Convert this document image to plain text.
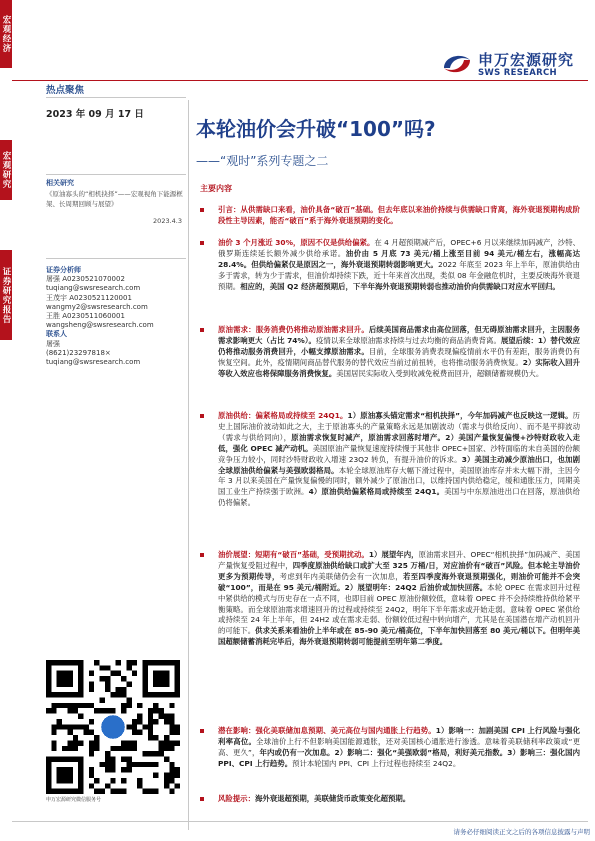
宏观经济
宏观研究
证券研究报告
申万宏源研究
SWS RESEARCH
热点聚焦
2023 年 09 月 17 日
本轮油价会升破“100”吗?
——“观时”系列专题之二
主要内容
相关研究
《原油寡头的“相机抉择”——宏观视角下能源框架、长周期回顾与展望》
2023.4.3
证券分析师
屠强 A0230521070002
tuqiang@swsresearch.com
王茂宇 A0230521120001
wangmy2@swsresearch.com
王胜 A0230511060001
wangsheng@swsresearch.com
联系人
屠强
(8621)23297818×
tuqiang@swsresearch.com
申万宏源研究微信服务号
引言：从供需缺口来看，油价具备“破百”基础。但去年底以来油价持续与供需缺口背离，海外衰退预期构成阶段性主导因素，能否“破百”系于海外衰退预期的变化。
油价 3 个月涨近 30%，原因不仅是供给偏紧。在 4 月超预期减产后，OPEC+6 月以来继续加码减产，沙特、俄罗斯连续延长额外减少供给承诺。油价由 5 月底 73 美元/桶上涨至目前 94 美元/桶左右，涨幅高达 28.4%。但供给偏紧仅是原因之一，海外衰退预期转弱影响更大。2022 年底至 2023 年上半年，原油供给由多于需求，转为少于需求，但油价却持续下跌，近十年来首次出现，类似 08 年金融危机时，主要反映海外衰退预期。相应的，美国 Q2 经济超预期后，下半年海外衰退预期转弱也推动油价向供需缺口对应水平回归。
原油需求：服务消费仍将推动原油需求回升。后续美国商品需求由高位回落，但无碍原油需求回升，主因服务需求影响更大（占比 74%）。疫情以来全球原油需求持续与过去均衡的商品消费背离。展望后续：1）替代效应仍将推动服务消费回升，小幅支撑原油需求。目前，全球服务消费表现偏疫情前水平仍有差距，服务消费仍有恢复空间。此外，疫情期间商品替代服务的替代效应当前过前扭转，也将推动服务消费恢复。2）实际收入回升等收入效应也将保障服务消费恢复。美国居民实际收入受到收减免税费而回升，超额储蓄规模仍大。
原油供给：偏紧格局或持续至 24Q1。1）原油寡头锚定需求“相机抉择”，今年加码减产也反映这一逻辑。历史上国际油价波动如此之大，主于原油寡头的产量策略永远是加剧波动（需求与供给反向）、而不是平抑波动（需求与供给同向），原油需求恢复时减产，原油需求回落时增产。2）美国产量恢复偏慢+沙特财政收入走低，强化 OPEC 减产动机。美国原油产量恢复速度持续慢于其他非 OPEC+国家、沙特面临的未自美国的份额竞争压力较小，同时沙特财政收入增速 23Q2 转负，有提升油价的诉求。3）美国主动减少原油出口，也加剧全球原油供给偏紧与美强欧弱格局。本轮全球原油库存大幅下滑过程中，美国原油库存并未大幅下滑，主因今年 3 月以来美国在产量恢复偏慢的同时，额外减少了原油出口，以维持国内供给稳定，缓和通胀压力，同期美国工业生产持续强于欧洲。4）原油供给偏紧格局或持续至 24Q1。美国与中东原油进出口在回落，原油供给仍将偏紧。
油价展望：短期有“破百”基础，受预期扰动。1）展望年内，原油需求回升、OPEC“相机抉择”加码减产、美国产量恢复受阻过程中，四季度原油供给缺口或扩大至 325 万桶/日，对应油价有“破百”风险。但本轮主导油价更多为预期传导，考虑到年内美联储仍会有一次加息，若至四季度海外衰退预期强化，则油价可能并不会突破“100”，而是在 95 美元/桶附近。2）展望明年：24Q2 后油价或加快回落。本轮 OPEC 在需求回升过程中紧供给的模式与历史存在一点不同，也即目前 OPEC 原油份额较低，意味着 OPEC 并不会持续维持供给紧平衡策略。而全球原油需求增速回升的过程或持续至 24Q2，明年下半年需求或开始走弱。意味着 OPEC 紧供给或持续至 24 年上半年，但 24H2 或在需求走弱、份额较低过程中转向增产，尤其是在美国潜在增产动机回升的可能下。供求关系来看油价上半年或在 85-90 美元/桶高位，下半年加快回落至 80 美元/桶以下。但明年美国超额储蓄消耗完毕后，海外衰退预期转弱可能提前至明年第二季度。
潜在影响：强化美联储加息预期、美元高位与国内通胀上行趋势。1）影响一：加剧美国 CPI 上行风险与强化利率高位。全球油价上行不但影响美国能源通胀，还对美国核心通胀进行渗透。意味着美联储利率政策或“更高、更久”，年内或仍有一次加息。2）影响二：强化“美强欧弱”格局，利好美元指数。3）影响三：强化国内 PPI、CPI 上行趋势。预计本轮国内 PPI、CPI 上行过程也持续至 24Q2。
风险提示：海外衰退超预期，美联储货币政策变化超预期。
请务必仔细阅读正文之后的各项信息披露与声明
